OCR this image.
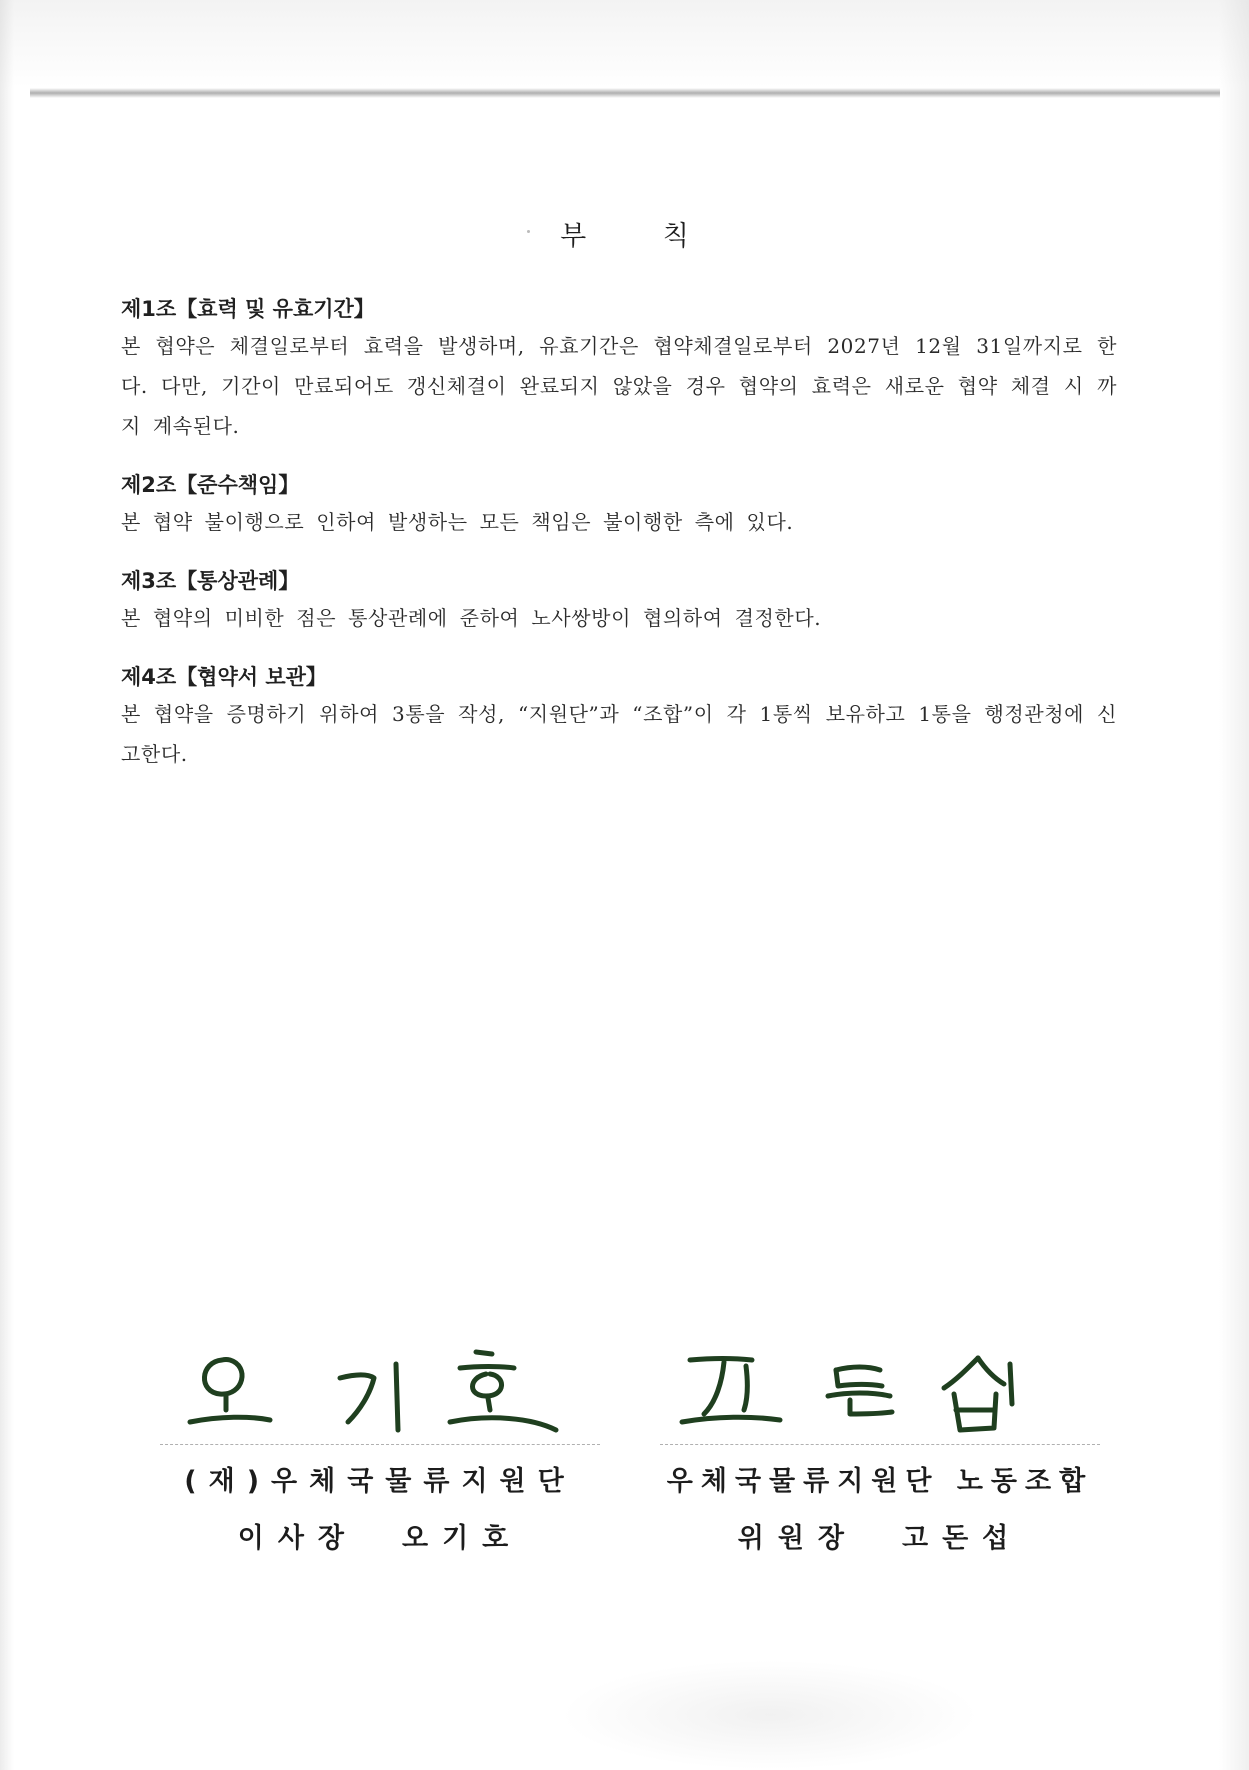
부 칙
제1조【효력 및 유효기간】
본 협약은 체결일로부터 효력을 발생하며, 유효기간은 협약체결일로부터 2027년 12월 31일까지로 한다. 다만, 기간이 만료되어도 갱신체결이 완료되지 않았을 경우 협약의 효력은 새로운 협약 체결 시 까지 계속된다.
제2조【준수책임】
본 협약 불이행으로 인하여 발생하는 모든 책임은 불이행한 측에 있다.
제3조【통상관례】
본 협약의 미비한 점은 통상관례에 준하여 노사쌍방이 협의하여 결정한다.
제4조【협약서 보관】
본 협약을 증명하기 위하여 3통을 작성, “지원단”과 “조합”이 각 1통씩 보유하고 1통을 행정관청에 신고한다.
(재)우체국물류지원단
이사장 오기호
우체국물류지원단 노동조합
위원장 고돈섭
